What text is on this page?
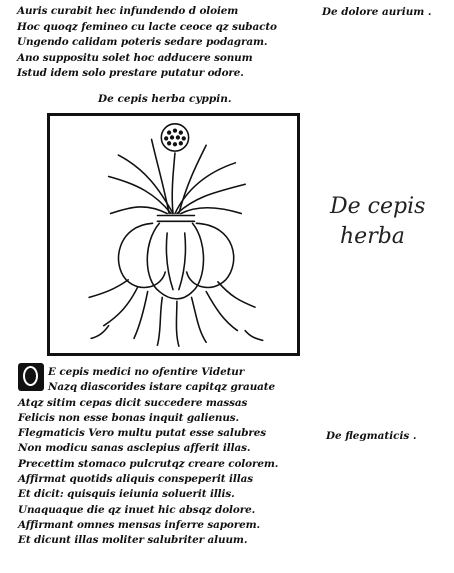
Auris curabit hec infundendo d oloiem
Hoc quoqz femineo cu lacte ceoce qz subacto
Ungendo calidam poteris sedare podagram.
Ano suppositu solet hoc adducere sonum
Istud idem solo prestare putatur odore.
De dolore aurium .
De cepis herba cyppin.
De cepis
herba
E cepis medici no ofentire Videtur
Nazq diascorides istare capitqz grauate
Atqz sitim cepas dicit succedere massas
Felicis non esse bonas inquit galienus.
Flegmaticis Vero multu putat esse salubres
Non modicu sanas asclepius afferit illas.
Precettim stomaco pulcrutqz creare colorem.
Affirmat quotids aliquis conspeperit illas
Et dicit: quisquis ieiunia soluerit illis.
Unaquaque die qz inuet hic absqz dolore.
Affirmant omnes mensas inferre saporem.
Et dicunt illas moliter salubriter aluum.
De flegmaticis .
